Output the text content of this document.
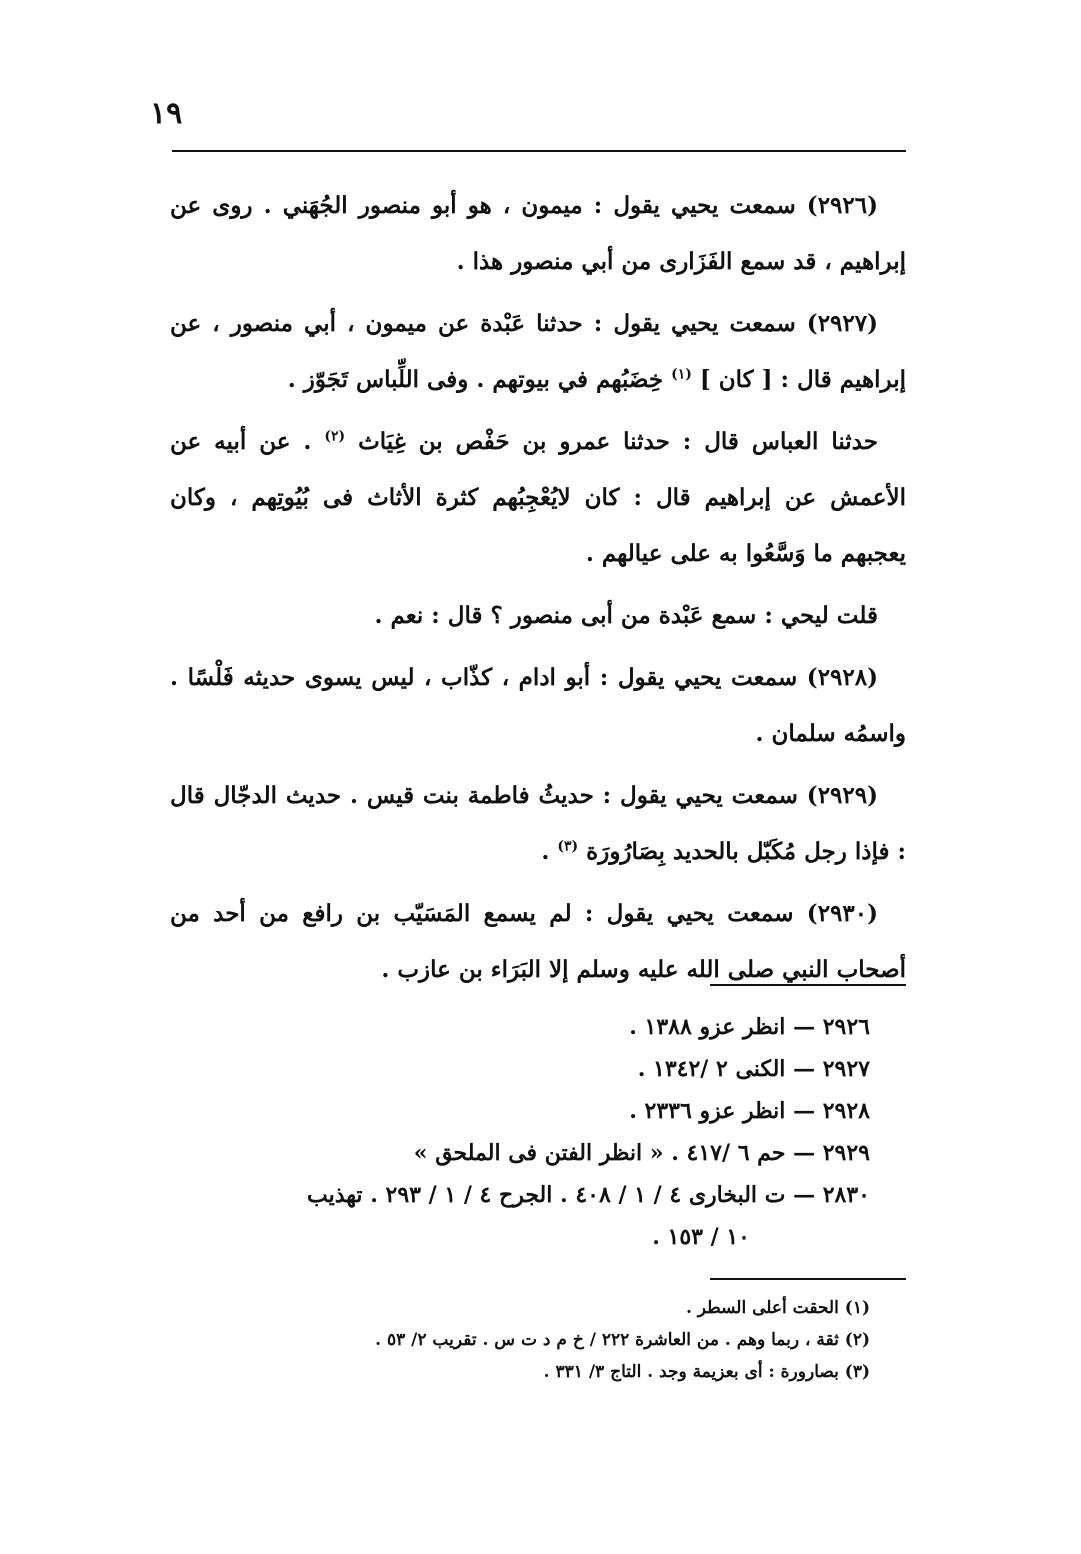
١٩

(٢٩٢٦) سمعت يحيي يقول : ميمون ، هو أبو منصور الجُهَني . روى عن إبراهيم ، قد سمع الفَزَارى من أبي منصور هذا .

(٢٩٢٧) سمعت يحيي يقول : حدثنا عَبْدة عن ميمون ، أبي منصور ، عن إبراهيم قال : [ كان ] $^{(١)}$ خِضَبُهم في بيوتهم . وفى اللِّباس تَجَوّز .

حدثنا العباس قال : حدثنا عمرو بن حَفْص بن غِيَاث $^{(٢)}$ . عن أبيه عن الأعمش عن إبراهيم قال : كان لايُعْجِبُهم كثرة الأثاث فى بُيُوتِهم ، وكان يعجبهم ما وَسَّعُوا به على عيالهم .

قلت ليحي : سمع عَبْدة من أبى منصور ؟ قال : نعم .

(٢٩٢٨) سمعت يحيي يقول : أبو ادام ، كذّاب ، ليس يسوى حديثه فَلْسًا . واسمُه سلمان .

(٢٩٢٩) سمعت يحيي يقول : حديثُ فاطمة بنت قيس . حديث الدجّال قال : فإذا رجل مُكَبّل بالحديد بِصَارُورَة $^{(٣)}$ .

(٢٩٣٠) سمعت يحيي يقول : لم يسمع المَسَيّب بن رافع من أحد من أصحاب النبي صلى الله عليه وسلم إلا البَرَاء بن عازب .

٢٩٢٦ — انظر عزو ١٣٨٨ .
٢٩٢٧ — الكنى ٢ /١٣٤٢ .
٢٩٢٨ — انظر عزو ٢٣٣٦ .
٢٩٢٩ — حم ٦ /٤١٧ . « انظر الفتن فى الملحق »
٢٨٣٠ — ت البخارى ٤ / ١ / ٤٠٨ . الجرح ٤ / ١ / ٢٩٣ . تهذيب
١٠ / ١٥٣ .
(١) الحقت أعلى السطر .
(٢) ثقة ، ربما وهم . من العاشرة ٢٢٢ / خ م د ت س . تقريب ٢/ ٥٣ .
(٣) بصارورة : أى بعزيمة وجد . التاج ٣/ ٣٣١ .
